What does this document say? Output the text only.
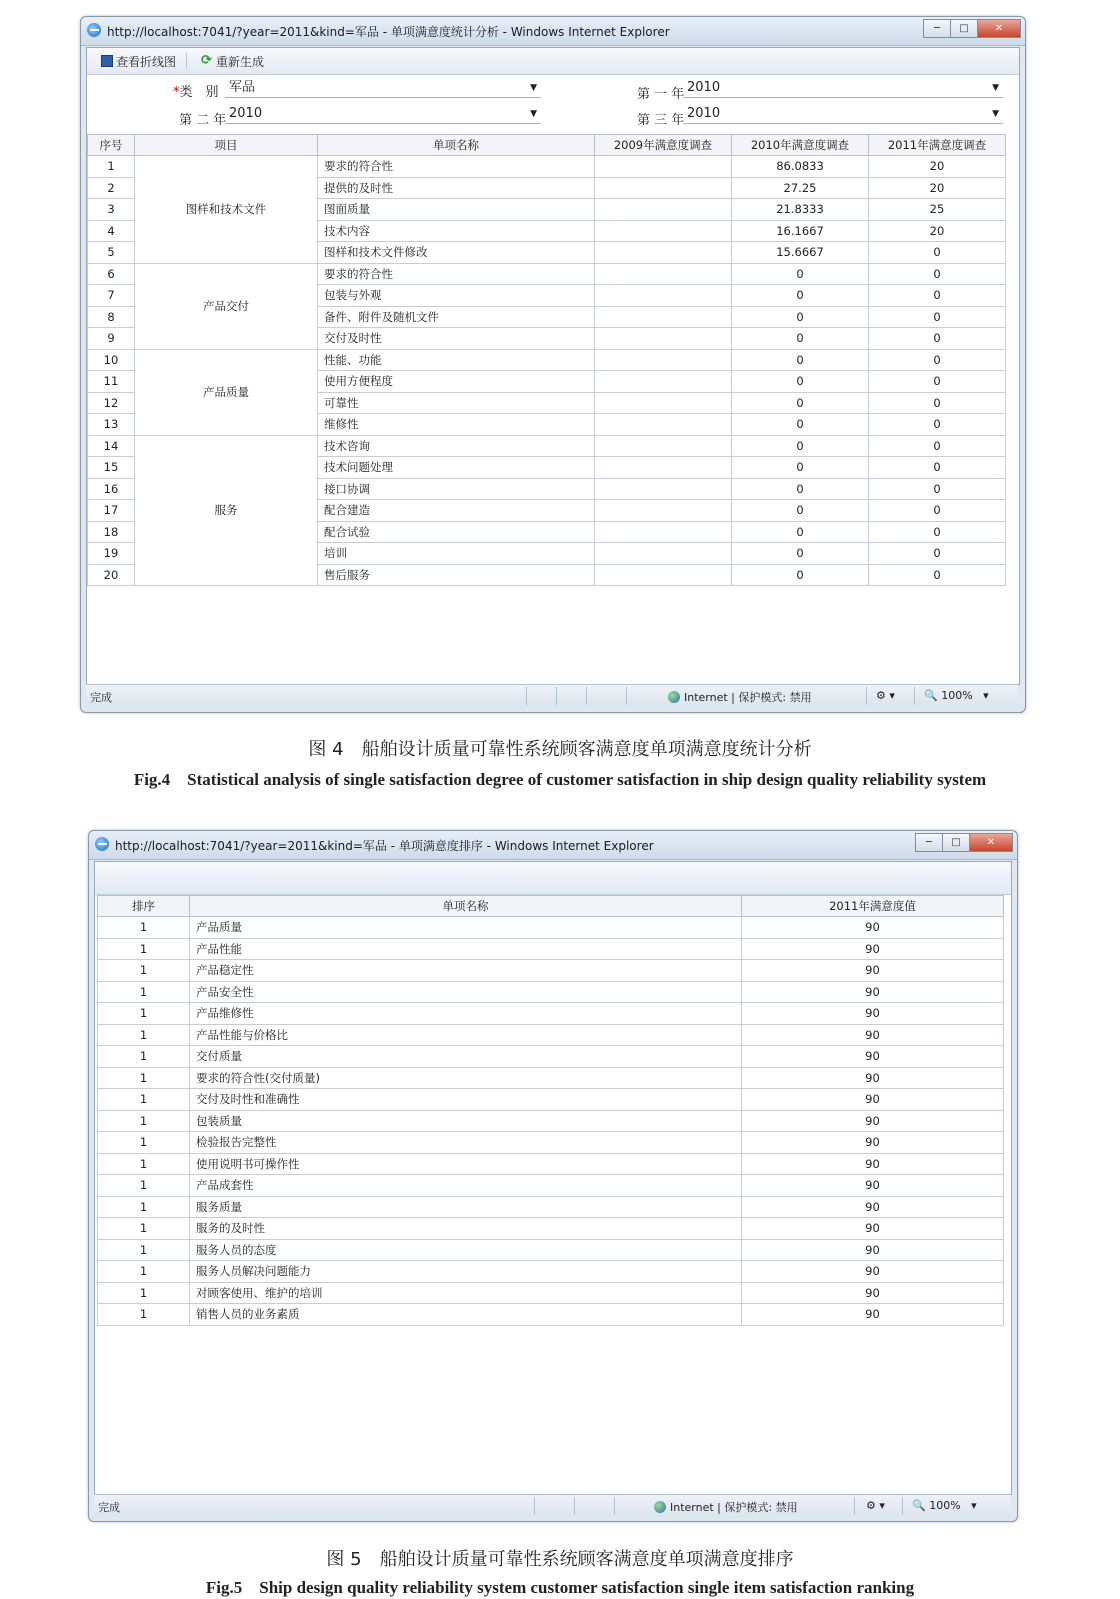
http://localhost:7041/?year=2011&kind=军品 - 单项满意度统计分析 - Windows Internet Explorer	─	□	✕
查看折线图 ⟳ 重新生成
*类　别 军品	▼	第 一 年 2010	▼
第 二 年 2010	▼	第 三 年 2010	▼
序号	项目	单项名称	2009年满意度调查	2010年满意度调查	2011年满意度调查
1	图样和技术文件	要求的符合性		86.0833	20
2		提供的及时性		27.25	20
3		图面质量		21.8333	25
4		技术内容		16.1667	20
5		图样和技术文件修改		15.6667	0
6	产品交付	要求的符合性		0	0
7		包装与外观		0	0
8		备件、附件及随机文件		0	0
9		交付及时性		0	0
10	产品质量	性能、功能		0	0
11		使用方便程度		0	0
12		可靠性		0	0
13		维修性		0	0
14	服务	技术咨询		0	0
15		技术问题处理		0	0
16		接口协调		0	0
17		配合建造		0	0
18		配合试验		0	0
19		培训		0	0
20		售后服务		0	0
完成	Internet | 保护模式: 禁用	⚙ ▾	🔍 100%   ▾
图 4　船舶设计质量可靠性系统顾客满意度单项满意度统计分析
Fig.4　Statistical analysis of single satisfaction degree of customer satisfaction in ship design quality reliability system
http://localhost:7041/?year=2011&kind=军品 - 单项满意度排序 - Windows Internet Explorer	─	□	✕
排序	单项名称	2011年满意度值
1	产品质量	90
1	产品性能	90
1	产品稳定性	90
1	产品安全性	90
1	产品维修性	90
1	产品性能与价格比	90
1	交付质量	90
1	要求的符合性(交付质量)	90
1	交付及时性和准确性	90
1	包装质量	90
1	检验报告完整性	90
1	使用说明书可操作性	90
1	产品成套性	90
1	服务质量	90
1	服务的及时性	90
1	服务人员的态度	90
1	服务人员解决问题能力	90
1	对顾客使用、维护的培训	90
1	销售人员的业务素质	90
完成	Internet | 保护模式: 禁用	⚙ ▾ 🔍 100%   ▾
图 5　船舶设计质量可靠性系统顾客满意度单项满意度排序
Fig.5　Ship design quality reliability system customer satisfaction single item satisfaction ranking
